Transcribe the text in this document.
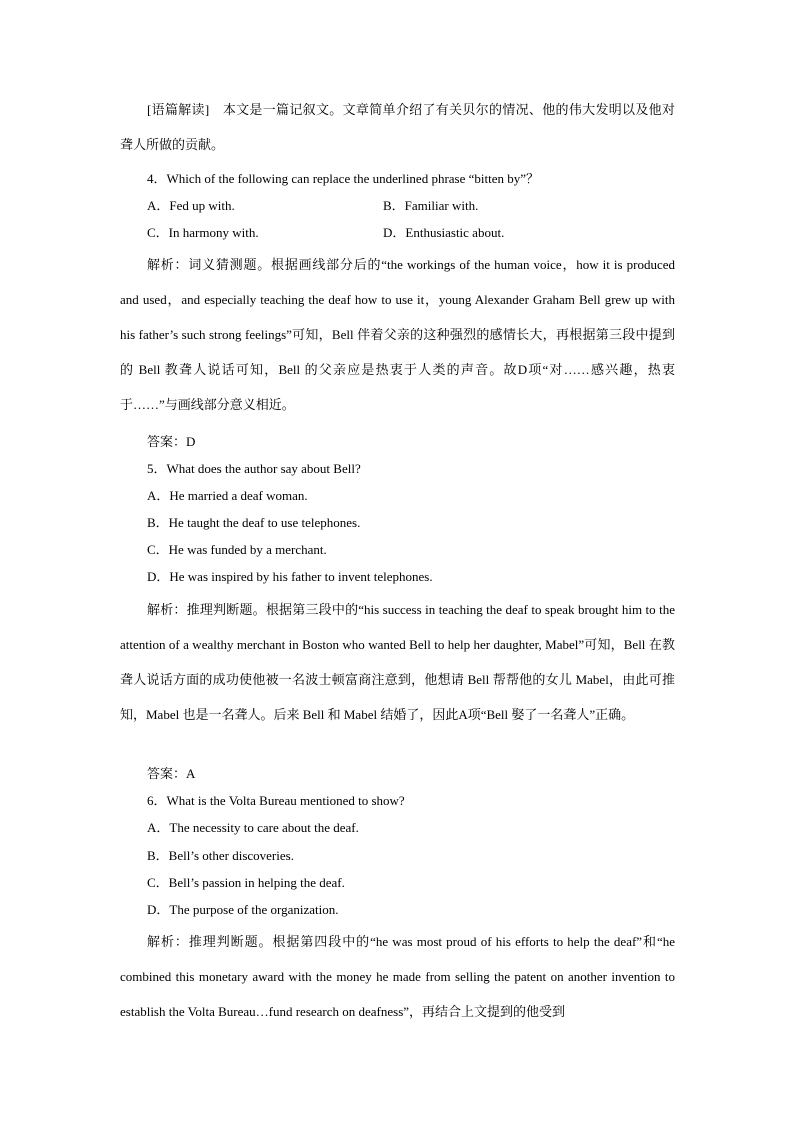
[语篇解读]　本文是一篇记叙文。文章简单介绍了有关贝尔的情况、他的伟大发明以及他对聋人所做的贡献。
4．Which of the following can replace the underlined phrase “bitten by”？
A．Fed up with.	B．Familiar with.
C．In harmony with.	D．Enthusiastic about.
解析：词义猜测题。根据画线部分后的“the workings of the human voice，how it is produced and used，and especially teaching the deaf how to use it，young Alexander Graham Bell grew up with his father’s such strong feelings”可知，Bell 伴着父亲的这种强烈的感情长大，再根据第三段中提到的 Bell 教聋人说话可知，Bell 的父亲应是热衷于人类的声音。故D项“对……感兴趣，热衷于……”与画线部分意义相近。
答案：D
5．What does the author say about Bell?
A．He married a deaf woman.
B．He taught the deaf to use telephones.
C．He was funded by a merchant.
D．He was inspired by his father to invent telephones.
解析：推理判断题。根据第三段中的“his success in teaching the deaf to speak brought him to the attention of a wealthy merchant in Boston who wanted Bell to help her daughter, Mabel”可知，Bell 在教聋人说话方面的成功使他被一名波士顿富商注意到，他想请 Bell 帮帮他的女儿 Mabel，由此可推知，Mabel 也是一名聋人。后来 Bell 和 Mabel 结婚了，因此A项“Bell 娶了一名聋人”正确。
答案：A
6．What is the Volta Bureau mentioned to show?
A．The necessity to care about the deaf.
B．Bell’s other discoveries.
C．Bell’s passion in helping the deaf.
D．The purpose of the organization.
解析：推理判断题。根据第四段中的“he was most proud of his efforts to help the deaf”和“he combined this monetary award with the money he made from selling the patent on another invention to establish the Volta Bureau…fund research on deafness”，再结合上文提到的他受到
